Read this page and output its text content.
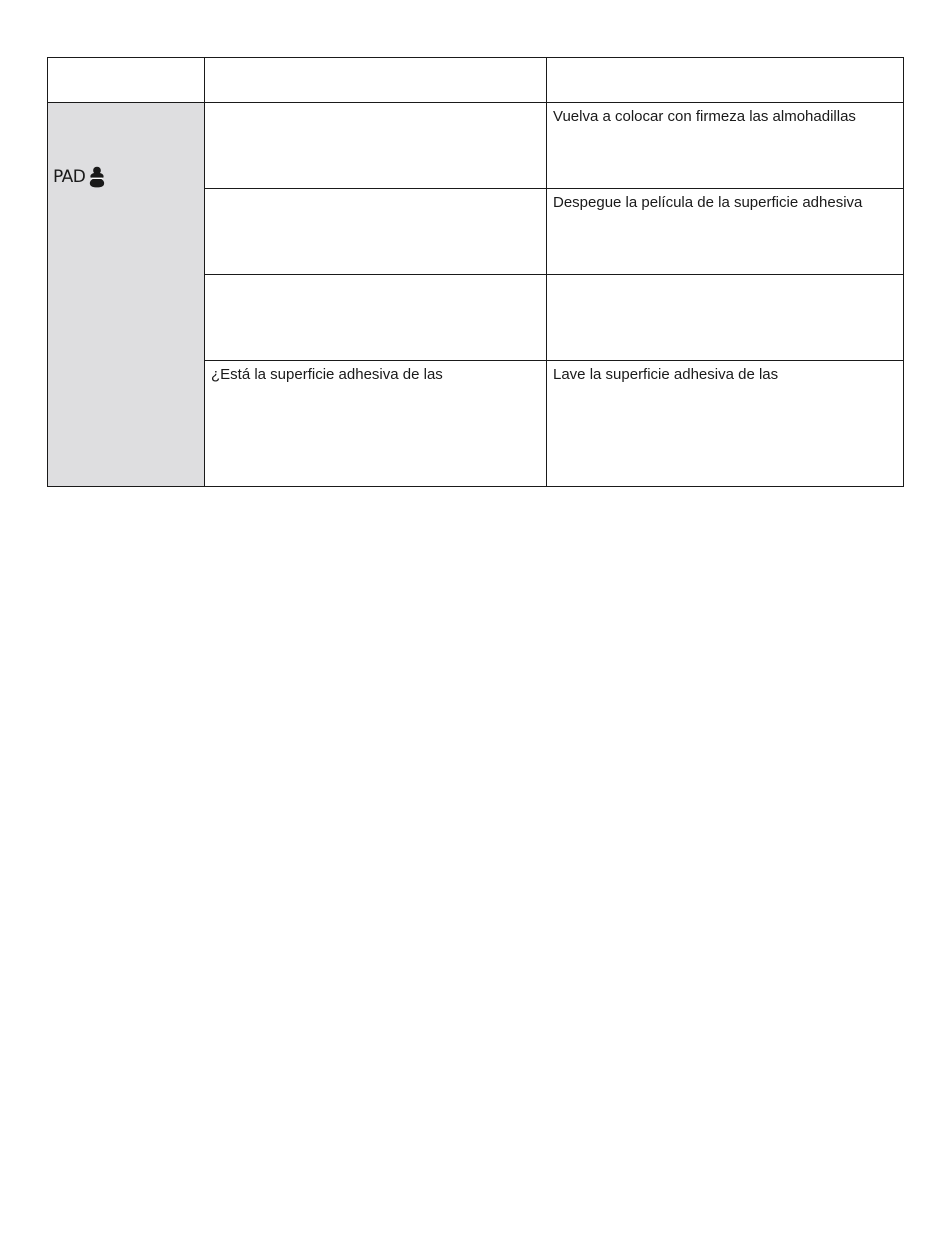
		Vuelva a colocar con firmeza las almohadillas
		Despegue la película de la superficie adhesiva

	¿Está la superficie adhesiva de las	Lave la superficie adhesiva de las
PAD
